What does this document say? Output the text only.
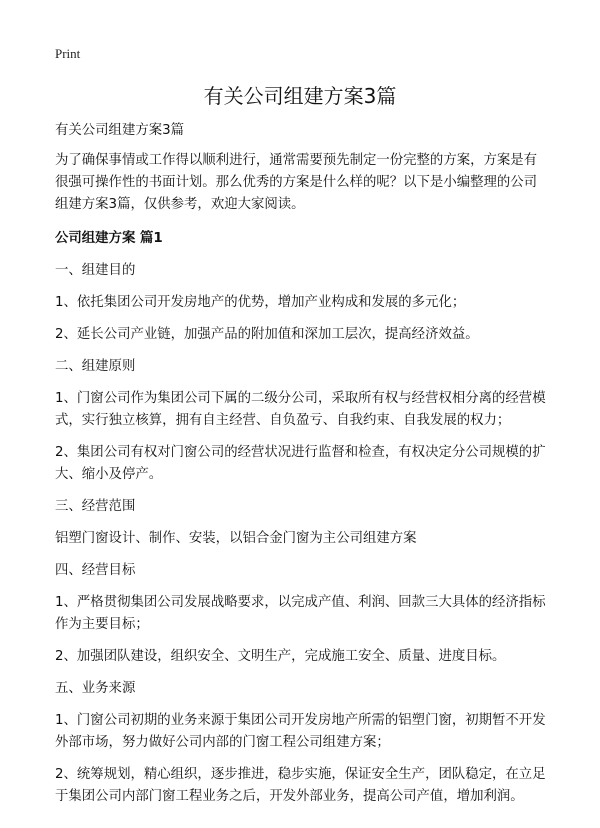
Print
有关公司组建方案3篇

有关公司组建方案3篇

为了确保事情或工作得以顺利进行，通常需要预先制定一份完整的方案，方案是有很强可操作性的书面计划。那么优秀的方案是什么样的呢？以下是小编整理的公司组建方案3篇，仅供参考，欢迎大家阅读。

公司组建方案 篇1

一、组建目的

1、依托集团公司开发房地产的优势，增加产业构成和发展的多元化；

2、延长公司产业链，加强产品的附加值和深加工层次，提高经济效益。

二、组建原则

1、门窗公司作为集团公司下属的二级分公司，采取所有权与经营权相分离的经营模式，实行独立核算，拥有自主经营、自负盈亏、自我约束、自我发展的权力；

2、集团公司有权对门窗公司的经营状况进行监督和检查，有权决定分公司规模的扩大、缩小及停产。

三、经营范围

铝塑门窗设计、制作、安装，以铝合金门窗为主公司组建方案

四、经营目标

1、严格贯彻集团公司发展战略要求，以完成产值、利润、回款三大具体的经济指标作为主要目标；

2、加强团队建设，组织安全、文明生产，完成施工安全、质量、进度目标。

五、业务来源

1、门窗公司初期的业务来源于集团公司开发房地产所需的铝塑门窗，初期暂不开发外部市场，努力做好公司内部的门窗工程公司组建方案；

2、统筹规划，精心组织，逐步推进，稳步实施，保证安全生产，团队稳定，在立足于集团公司内部门窗工程业务之后，开发外部业务，提高公司产值，增加利润。
